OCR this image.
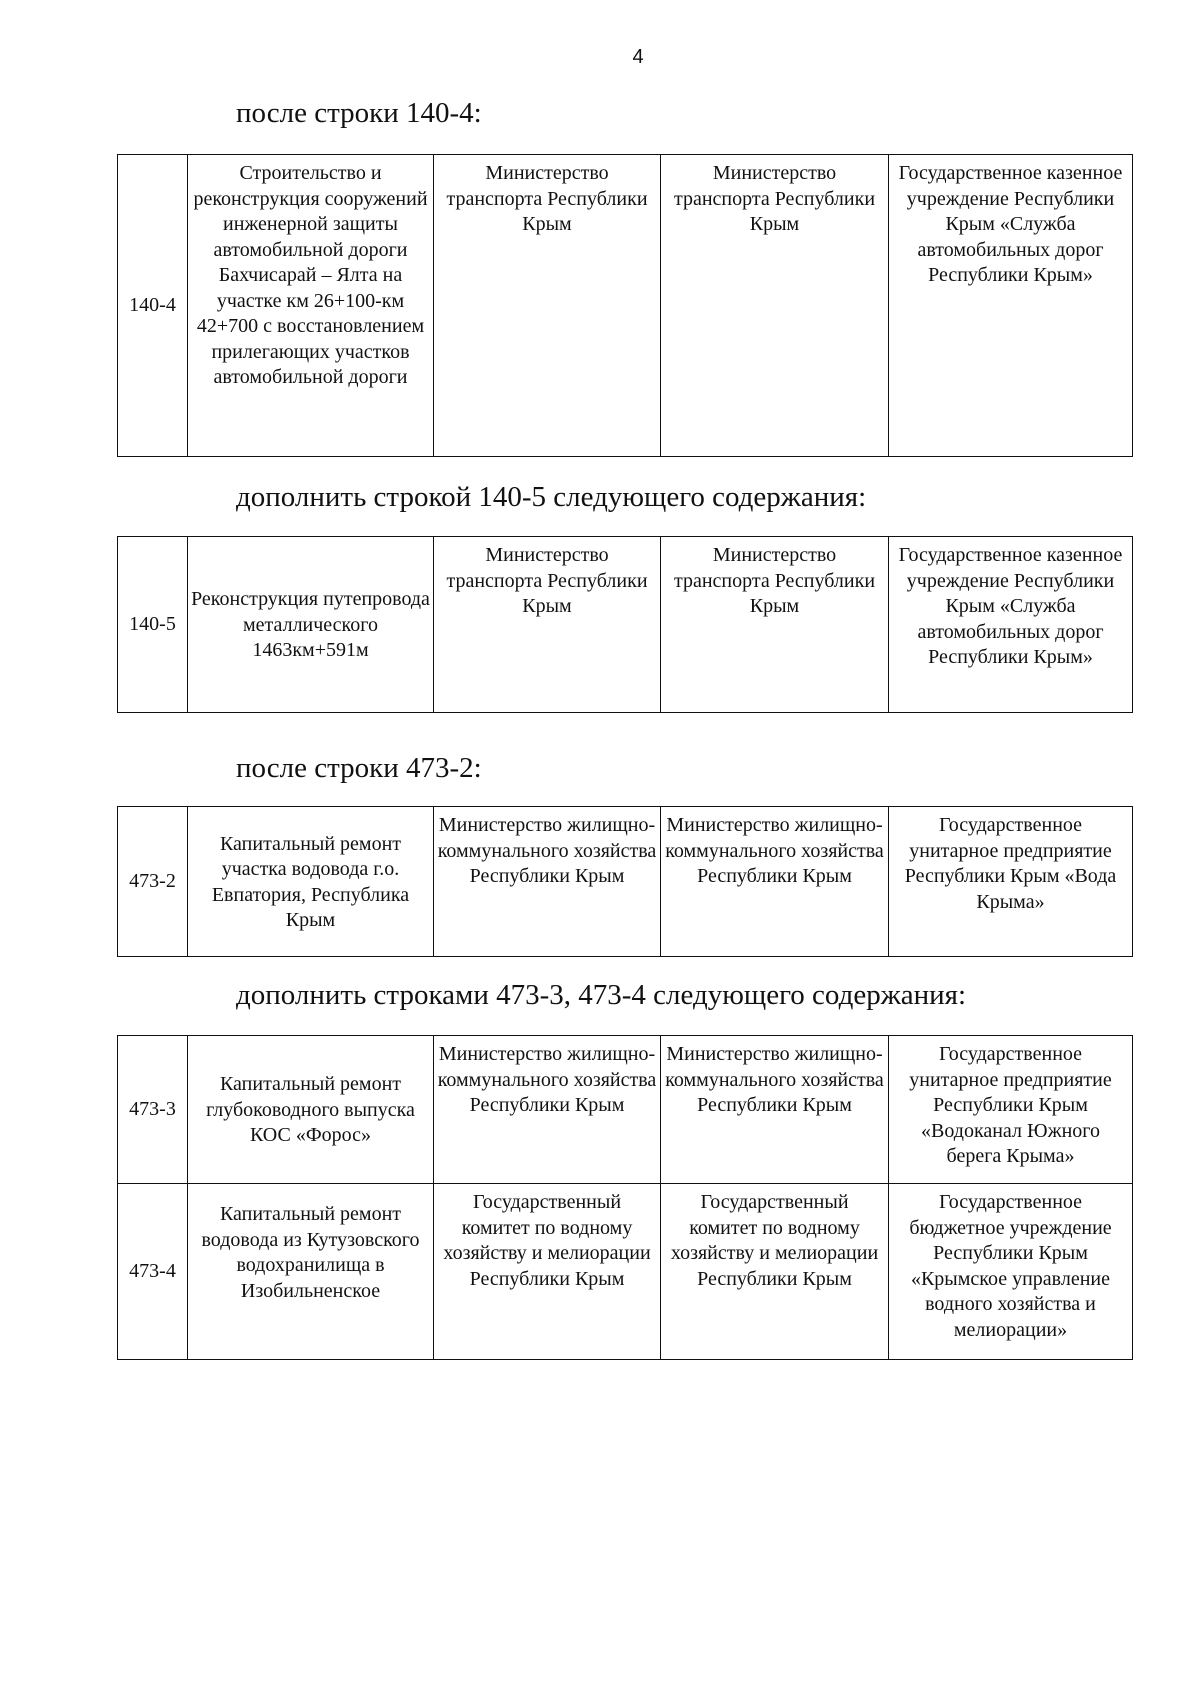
4
после строки 140-4:
140-4	Строительство и реконструкция сооружений инженерной защиты автомобильной дороги Бахчисарай – Ялта на участке км 26+100-км 42+700 с восстановлением прилегающих участков автомобильной дороги	Министерство транспорта Республики Крым	Министерство транспорта Республики Крым	Государственное казенное учреждение Республики Крым «Служба автомобильных дорог Республики Крым»
дополнить строкой 140-5 следующего содержания:
140-5	Реконструкция путепровода металлического 1463км+591м	Министерство транспорта Республики Крым	Министерство транспорта Республики Крым	Государственное казенное учреждение Республики Крым «Служба автомобильных дорог Республики Крым»
после строки 473-2:
473-2	Капитальный ремонт участка водовода г.о. Евпатория, Республика Крым	Министерство жилищно-коммунального хозяйства Республики Крым	Министерство жилищно-коммунального хозяйства Республики Крым	Государственное унитарное предприятие Республики Крым «Вода Крыма»
дополнить строками 473-3, 473-4 следующего содержания:
473-3	Капитальный ремонт глубоководного выпуска КОС «Форос»	Министерство жилищно-коммунального хозяйства Республики Крым	Министерство жилищно-коммунального хозяйства Республики Крым	Государственное унитарное предприятие Республики Крым «Водоканал Южного берега Крыма»
473-4	Капитальный ремонт водовода из Кутузовского водохранилища в Изобильненское	Государственный комитет по водному хозяйству и мелиорации Республики Крым	Государственный комитет по водному хозяйству и мелиорации Республики Крым	Государственное бюджетное учреждение Республики Крым «Крымское управление водного хозяйства и мелиорации»
